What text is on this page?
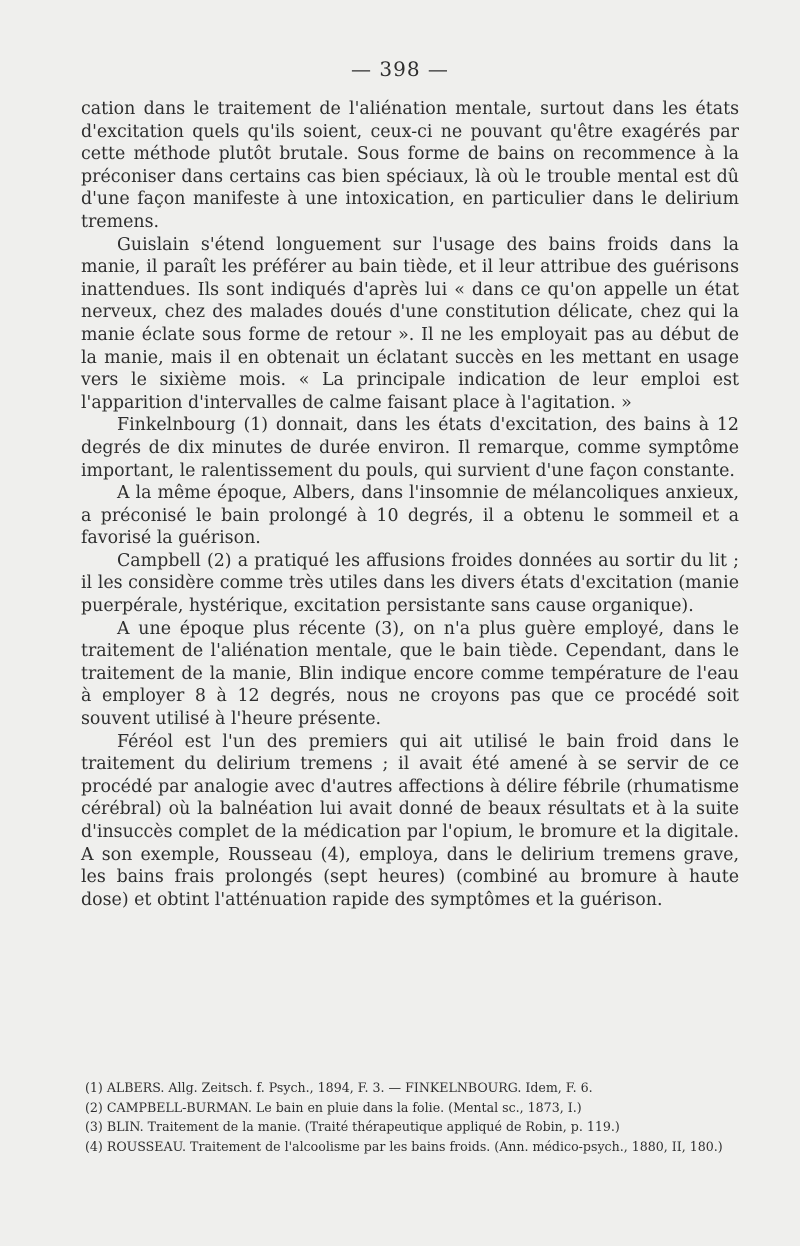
— 398 —

cation dans le traitement de l'aliénation mentale, surtout dans les états d'excitation quels qu'ils soient, ceux-ci ne pouvant qu'être exagérés par cette méthode plutôt brutale. Sous forme de bains on recommence à la préconiser dans certains cas bien spéciaux, là où le trouble mental est dû d'une façon manifeste à une intoxication, en particulier dans le delirium tremens.

Guislain s'étend longuement sur l'usage des bains froids dans la manie, il paraît les préférer au bain tiède, et il leur attribue des guérisons inattendues. Ils sont indiqués d'après lui « dans ce qu'on appelle un état nerveux, chez des malades doués d'une constitution délicate, chez qui la manie éclate sous forme de retour ». Il ne les employait pas au début de la manie, mais il en obtenait un éclatant succès en les mettant en usage vers le sixième mois. « La principale indication de leur emploi est l'apparition d'intervalles de calme faisant place à l'agitation. »

Finkelnbourg (1) donnait, dans les états d'excitation, des bains à 12 degrés de dix minutes de durée environ. Il remarque, comme symptôme important, le ralentissement du pouls, qui survient d'une façon constante.

A la même époque, Albers, dans l'insomnie de mélancoliques anxieux, a préconisé le bain prolongé à 10 degrés, il a obtenu le sommeil et a favorisé la guérison.

Campbell (2) a pratiqué les affusions froides données au sortir du lit ; il les considère comme très utiles dans les divers états d'excitation (manie puerpérale, hystérique, excitation persistante sans cause organique).

A une époque plus récente (3), on n'a plus guère employé, dans le traitement de l'aliénation mentale, que le bain tiède. Cependant, dans le traitement de la manie, Blin indique encore comme température de l'eau à employer 8 à 12 degrés, nous ne croyons pas que ce procédé soit souvent utilisé à l'heure présente.

Féréol est l'un des premiers qui ait utilisé le bain froid dans le traitement du delirium tremens ; il avait été amené à se servir de ce procédé par analogie avec d'autres affections à délire fébrile (rhumatisme cérébral) où la balnéation lui avait donné de beaux résultats et à la suite d'insuccès complet de la médication par l'opium, le bromure et la digitale. A son exemple, Rousseau (4), employa, dans le delirium tremens grave, les bains frais prolongés (sept heures) (combiné au bromure à haute dose) et obtint l'atténuation rapide des symptômes et la guérison.

(1) ALBERS. Allg. Zeitsch. f. Psych., 1894, F. 3. — FINKELNBOURG. Idem, F. 6.

(2) CAMPBELL-BURMAN. Le bain en pluie dans la folie. (Mental sc., 1873, I.)

(3) BLIN. Traitement de la manie. (Traité thérapeutique appliqué de Robin, p. 119.)

(4) ROUSSEAU. Traitement de l'alcoolisme par les bains froids. (Ann. médico-psych., 1880, II, 180.)
